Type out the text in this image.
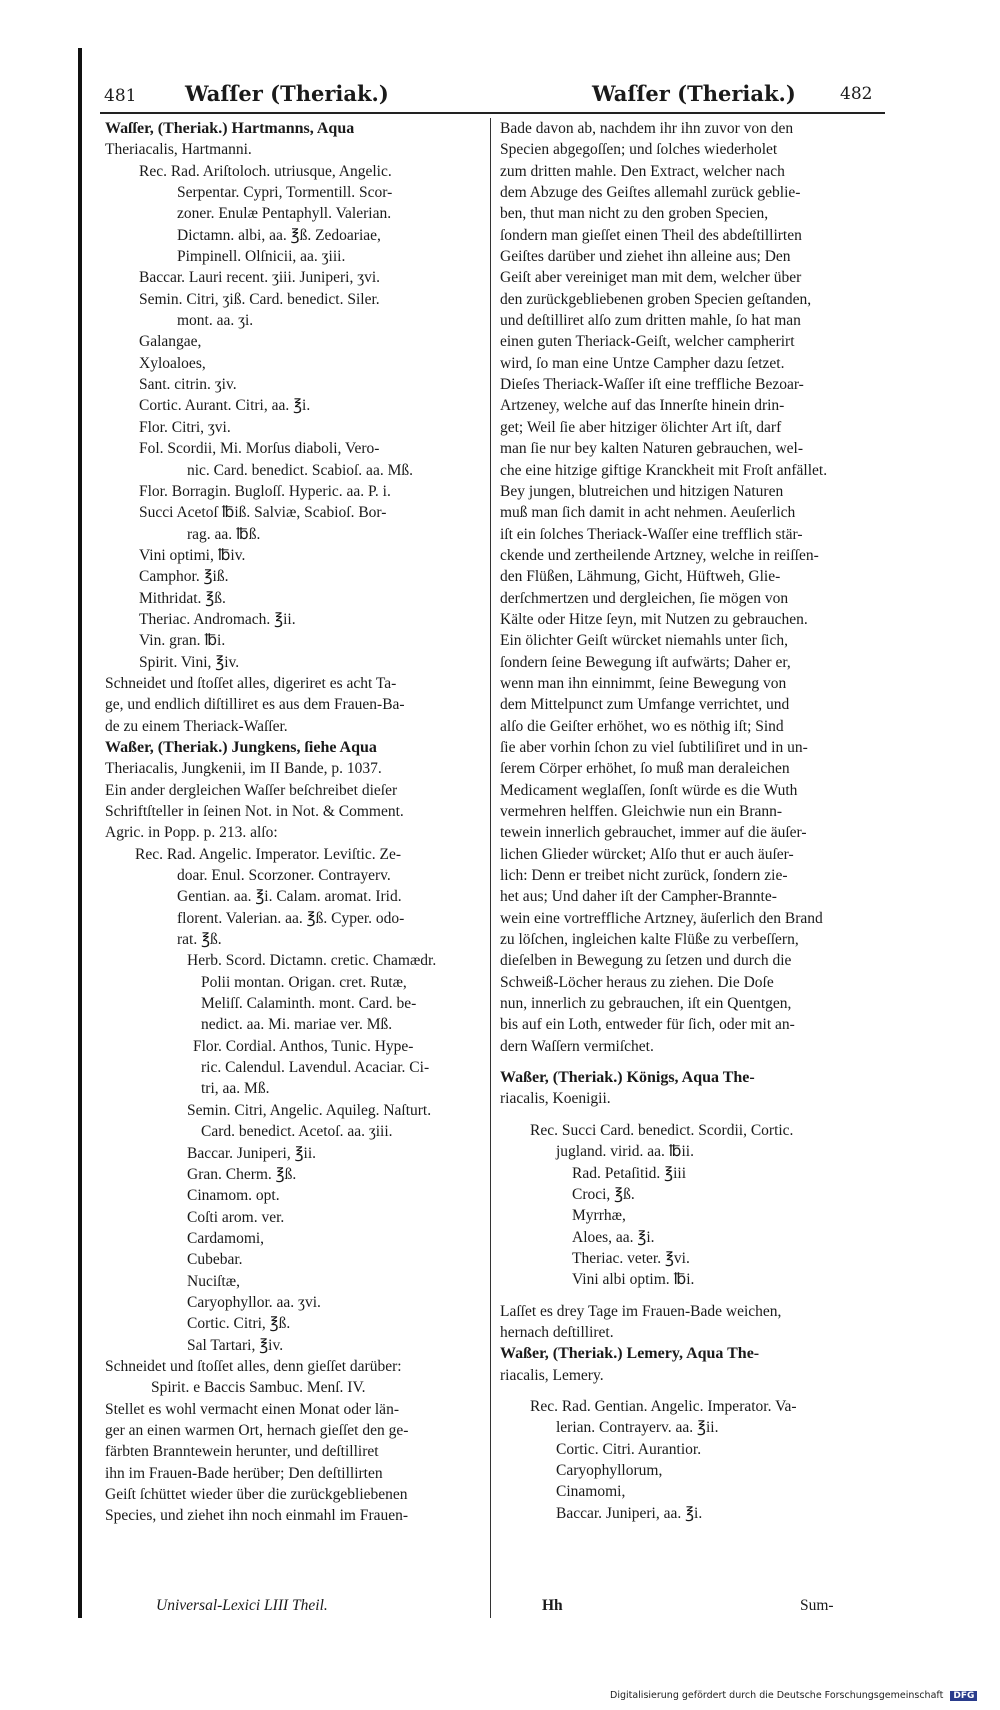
481 Waſſer (Theriak.)	Waſſer (Theriak.)	482
Waſſer, (Theriak.) Hartmanns, Aqua
Theriacalis, Hartmanni.
Rec. Rad. Ariſtoloch. utriusque, Angelic.
Serpentar. Cypri, Tormentill. Scor-
zoner. Enulæ Pentaphyll. Valerian.
Dictamn. albi, aa. ℥ß. Zedoariae,
Pimpinell. Olſnicii, aa. ʒiii.
Baccar. Lauri recent. ʒiii. Juniperi, ʒvi.
Semin. Citri, ʒiß. Card. benedict. Siler.
mont. aa. ʒi.
Galangae,
Xyloaloes,
Sant. citrin. ʒiv.
Cortic. Aurant. Citri, aa. ℥i.
Flor. Citri, ʒvi.
Fol. Scordii, Mi. Morſus diaboli, Vero-
nic. Card. benedict. Scabioſ. aa. Mß.
Flor. Borragin. Bugloſſ. Hyperic. aa. P. i.
Succi Acetoſ ℔iß. Salviæ, Scabioſ. Bor-
rag. aa. ℔ß.
Vini optimi, ℔iv.
Camphor. ℥iß.
Mithridat. ℥ß.
Theriac. Andromach. ℥ii.
Vin. gran. ℔i.
Spirit. Vini, ℥iv.
Schneidet und ſtoſſet alles, digeriret es acht Ta-
ge, und endlich diſtilliret es aus dem Frauen-Ba-
de zu einem Theriack-Waſſer.
Waßer, (Theriak.) Jungkens, ſiehe Aqua
Theriacalis, Jungkenii, im II Bande, p. 1037.
Ein ander dergleichen Waſſer beſchreibet dieſer
Schriftſteller in ſeinen Not. in Not. & Comment.
Agric. in Popp. p. 213. alſo:
Rec. Rad. Angelic. Imperator. Leviſtic. Ze-
doar. Enul. Scorzoner. Contrayerv.
Gentian. aa. ℥i. Calam. aromat. Irid.
florent. Valerian. aa. ℥ß. Cyper. odo-
rat. ℥ß.
Herb. Scord. Dictamn. cretic. Chamædr.
Polii montan. Origan. cret. Rutæ,
Meliſſ. Calaminth. mont. Card. be-
nedict. aa. Mi. mariae ver. Mß.
Flor. Cordial. Anthos, Tunic. Hype-
ric. Calendul. Lavendul. Acaciar. Ci-
tri, aa. Mß.
Semin. Citri, Angelic. Aquileg. Naſturt.
Card. benedict. Acetoſ. aa. ʒiii.
Baccar. Juniperi, ℥ii.
Gran. Cherm. ℥ß.
Cinamom. opt.
Coſti arom. ver.
Cardamomi,
Cubebar.
Nuciſtæ,
Caryophyllor. aa. ʒvi.
Cortic. Citri, ℥ß.
Sal Tartari, ℥iv.
Schneidet und ſtoſſet alles, denn gieſſet darüber:
Spirit. e Baccis Sambuc. Menſ. IV.
Stellet es wohl vermacht einen Monat oder län-
ger an einen warmen Ort, hernach gieſſet den ge-
färbten Branntewein herunter, und deſtilliret
ihn im Frauen-Bade herüber; Den deſtillirten
Geiſt ſchüttet wieder über die zurückgebliebenen
Species, und ziehet ihn noch einmahl im Frauen-
Bade davon ab, nachdem ihr ihn zuvor von den
Specien abgegoſſen; und ſolches wiederholet
zum dritten mahle. Den Extract, welcher nach
dem Abzuge des Geiſtes allemahl zurück geblie-
ben, thut man nicht zu den groben Specien,
ſondern man gieſſet einen Theil des abdeſtillirten
Geiſtes darüber und ziehet ihn alleine aus; Den
Geiſt aber vereiniget man mit dem, welcher über
den zurückgebliebenen groben Specien geſtanden,
und deſtilliret alſo zum dritten mahle, ſo hat man
einen guten Theriack-Geiſt, welcher campherirt
wird, ſo man eine Untze Campher dazu ſetzet.
Dieſes Theriack-Waſſer iſt eine treffliche Bezoar-
Artzeney, welche auf das Innerſte hinein drin-
get; Weil ſie aber hitziger ölichter Art iſt, darf
man ſie nur bey kalten Naturen gebrauchen, wel-
che eine hitzige giftige Kranckheit mit Froſt anfället.
Bey jungen, blutreichen und hitzigen Naturen
muß man ſich damit in acht nehmen. Aeuſerlich
iſt ein ſolches Theriack-Waſſer eine trefflich stär-
ckende und zertheilende Artzney, welche in reiſſen-
den Flüßen, Lähmung, Gicht, Hüftweh, Glie-
derſchmertzen und dergleichen, ſie mögen von
Kälte oder Hitze ſeyn, mit Nutzen zu gebrauchen.
Ein ölichter Geiſt würcket niemahls unter ſich,
ſondern ſeine Bewegung iſt aufwärts; Daher er,
wenn man ihn einnimmt, ſeine Bewegung von
dem Mittelpunct zum Umfange verrichtet, und
alſo die Geiſter erhöhet, wo es nöthig iſt; Sind
ſie aber vorhin ſchon zu viel ſubtiliſiret und in un-
ſerem Cörper erhöhet, ſo muß man deraleichen
Medicament weglaſſen, ſonſt würde es die Wuth
vermehren helffen. Gleichwie nun ein Brann-
tewein innerlich gebrauchet, immer auf die äuſer-
lichen Glieder würcket; Alſo thut er auch äuſer-
lich: Denn er treibet nicht zurück, ſondern zie-
het aus; Und daher iſt der Campher-Brannte-
wein eine vortreffliche Artzney, äuſerlich den Brand
zu löſchen, ingleichen kalte Flüße zu verbeſſern,
dieſelben in Bewegung zu ſetzen und durch die
Schweiß-Löcher heraus zu ziehen. Die Doſe
nun, innerlich zu gebrauchen, iſt ein Quentgen,
bis auf ein Loth, entweder für ſich, oder mit an-
dern Waſſern vermiſchet.
Waßer, (Theriak.) Königs, Aqua The-
riacalis, Koenigii.
Rec. Succi Card. benedict. Scordii, Cortic.
jugland. virid. aa. ℔ii.
Rad. Petaſitid. ℥iii
Croci, ℥ß.
Myrrhæ,
Aloes, aa. ℥i.
Theriac. veter. ℥vi.
Vini albi optim. ℔i.
Laſſet es drey Tage im Frauen-Bade weichen,
hernach deſtilliret.
Waßer, (Theriak.) Lemery, Aqua The-
riacalis, Lemery.
Rec. Rad. Gentian. Angelic. Imperator. Va-
lerian. Contrayerv. aa. ℥ii.
Cortic. Citri. Aurantior.
Caryophyllorum,
Cinamomi,
Baccar. Juniperi, aa. ℥i.
Universal-Lexici LIII Theil.	Hh	Sum-
Digitalisierung gefördert durch die Deutsche Forschungsgemeinschaft DFG
